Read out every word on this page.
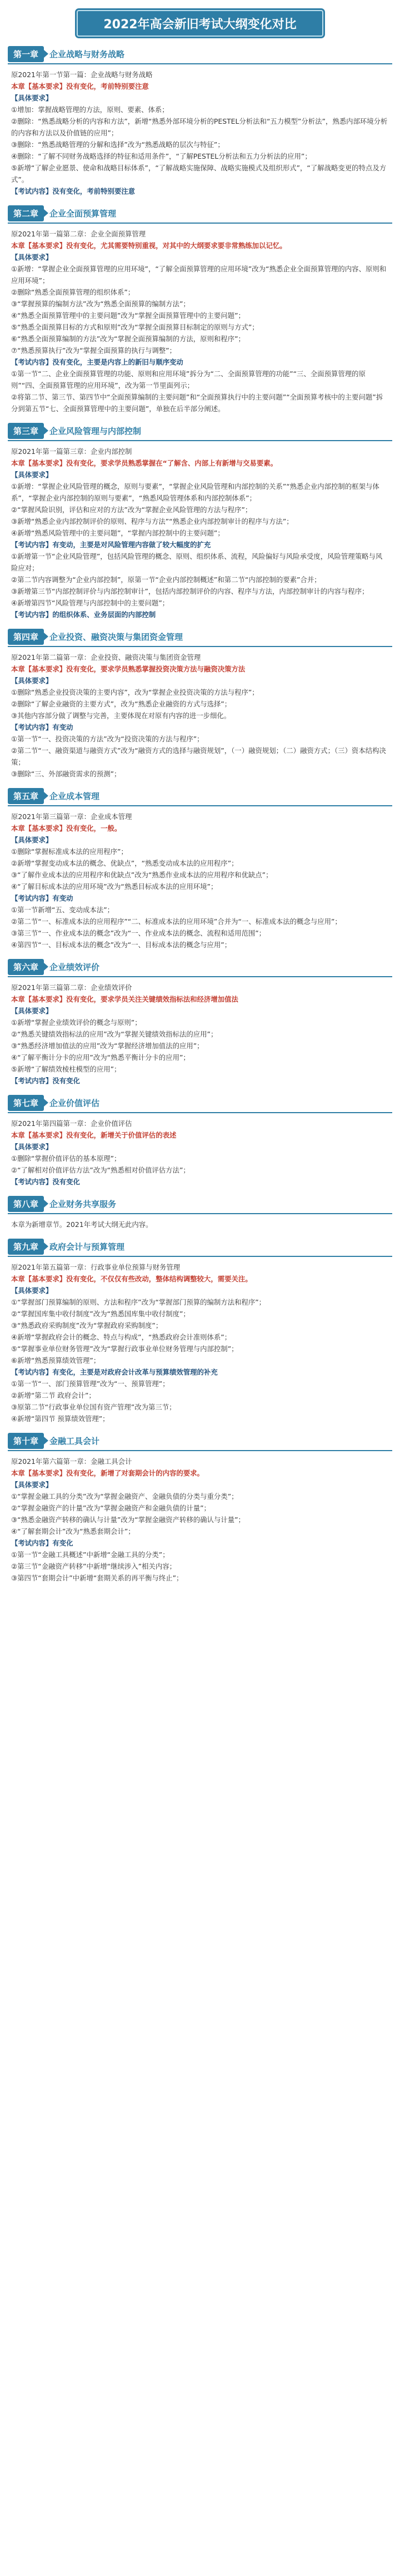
2022年高会新旧考试大纲变化对比
第一章	企业战略与财务战略

原2021年第一节第一篇：企业战略与财务战略

本章【基本要求】没有变化，考前特别要注意

【具体要求】

①增加：掌握战略管理的方法，原则、要素、体系；

②删除：“熟悉战略分析的内容和方法”，新增“熟悉外部环境分析的PESTEL分析法和“五力模型”分析法”，熟悉内部环境分析的内容和方法以及价值链的应用”；

③删除：“熟悉战略管理的分解和选择”改为“熟悉战略的层次与特征”；

④删除：“了解不同财务战略选择的特征和适用条件”，“了解PESTEL分析法和五力分析法的应用”；

⑤新增“了解企业愿景、使命和战略目标体系”，“了解战略实施保障、战略实施模式及组织形式”，“了解战略变更的特点及方式”。

【考试内容】没有变化，考前特别要注意

第二章	企业全面预算管理

原2021年第一篇第二章：企业全面预算管理

本章【基本要求】没有变化，尤其需要特别重视，对其中的大纲要求要非常熟练加以记忆。

【具体要求】

①新增：“掌握企业全面预算管理的应用环境”，“了解全面预算管理的应用环境”改为“熟悉企业全面预算管理的内容、原则和应用环境”；

②删除“熟悉全面预算管理的组织体系”；

③“掌握预算的编制方法”改为“熟悉全面预算的编制方法”；

④“熟悉全面预算管理中的主要问题”改为“掌握全面预算管理中的主要问题”；

⑤“熟悉全面预算目标的方式和原则”改为“掌握全面预算目标制定的原则与方式”；

⑥“熟悉全面预算编制的方法”改为“掌握全面预算编制的方法，原则和程序”；

⑦“熟悉预算执行”改为“掌握全面预算的执行与调整”；

【考试内容】没有变化，主要是内容上的新旧与顺序变动

①第一节“二、企业全面预算管理的功能、原则和应用环境”拆分为“二、全面预算管理的功能”“三、全面预算管理的原则”“四、全面预算管理的应用环境”，改为第一节里面列示；

②将第二节、第三节、第四节中“全面预算编制的主要问题”和“全面预算执行中的主要问题”“全面预算考核中的主要问题”拆分到第五节“七、全面预算管理中的主要问题”，单独在后半部分阐述。

第三章	企业风险管理与内部控制

原2021年第一篇第三章：企业内部控制

本章【基本要求】没有变化，要求学员熟悉掌握在“了解含、内部上有新增与交易要素。

【具体要求】

①新增：“掌握企业风险管理的概念，原则与要素”，“掌握企业风险管理和内部控制的关系”“熟悉企业内部控制的框架与体系”，“掌握企业内部控制的原则与要素”，“熟悉风险管理体系和内部控制体系”；

②“掌握风险识别，评估和应对的方法”改为“掌握企业风险管理的方法与程序”；

③新增“熟悉企业内部控制评价的原则、程序与方法”“熟悉企业内部控制审计的程序与方法”；

④新增“熟悉风险管理中的主要问题”，“掌握内部控制中的主要问题”；

【考试内容】有变动，主要是对风险管理内容做了较大幅度的扩充

①新增第一节“企业风险管理”，包括风险管理的概念、原则、组织体系、流程，风险偏好与风险承受度，风险管理策略与风险应对；

②第二节内容调整为“企业内部控制”，原第一节“企业内部控制概述”和第二节“内部控制的要素”合并；

③新增第三节“内部控制评价与内部控制审计”，包括内部控制评价的内容、程序与方法，内部控制审计的内容与程序；

④新增第四节“风险管理与内部控制中的主要问题”；

【考试内容】的组织体系、业务层面的内部控制

第四章	企业投资、融资决策与集团资金管理

原2021年第二篇第一章：企业投资、融资决策与集团资金管理

本章【基本要求】没有变化，要求学员熟悉掌握投资决策方法与融资决策方法

【具体要求】

①删除“熟悉企业投资决策的主要内容”，改为“掌握企业投资决策的方法与程序”；

②删除“了解企业融资的主要方式”，改为“熟悉企业融资的方式与选择”；

③其他内容部分做了调整与完善，主要体现在对原有内容的进一步细化。

【考试内容】有变动

①第一节“一、投资决策的方法”改为“投资决策的方法与程序”；

②第二节“一、融资渠道与融资方式”改为“融资方式的选择与融资规划”，（一）融资规划；（二）融资方式；（三）资本结构决策；

③删除“三、外部融资需求的预测”；

第五章	企业成本管理

原2021年第三篇第一章：企业成本管理

本章【基本要求】没有变化，一般。

【具体要求】

①删除“掌握标准成本法的应用程序”；

②新增“掌握变动成本法的概念、优缺点”，“熟悉变动成本法的应用程序”；

③“了解作业成本法的应用程序和优缺点”改为“熟悉作业成本法的应用程序和优缺点”；

④“了解目标成本法的应用环境”改为“熟悉目标成本法的应用环境”；

【考试内容】有变动

①第一节新增“五、变动成本法”；

②第二节“一、标准成本法的应用程序”“二、标准成本法的应用环境”合并为“一、标准成本法的概念与应用”；

③第三节“一、作业成本法的概念”改为“一、作业成本法的概念、流程和适用范围”；

④第四节“一、目标成本法的概念”改为“一、目标成本法的概念与应用”；

第六章	企业绩效评价

原2021年第三篇第二章：企业绩效评价

本章【基本要求】没有变化，要求学员关注关键绩效指标法和经济增加值法

【具体要求】

①新增“掌握企业绩效评价的概念与原则”；

②“熟悉关键绩效指标法的应用”改为“掌握关键绩效指标法的应用”；

③“熟悉经济增加值法的应用”改为“掌握经济增加值法的应用”；

④“了解平衡计分卡的应用”改为“熟悉平衡计分卡的应用”；

⑤新增“了解绩效棱柱模型的应用”；

【考试内容】没有变化

第七章	企业价值评估

原2021年第四篇第一章：企业价值评估

本章【基本要求】没有变化，新增关于价值评估的表述

【具体要求】

①删除“掌握价值评估的基本原理”；

②“了解相对价值评估方法”改为“熟悉相对价值评估方法”；

【考试内容】没有变化

第八章	企业财务共享服务

本章为新增章节。2021年考试大纲无此内容。

第九章	政府会计与预算管理

原2021年第五篇第一章：行政事业单位预算与财务管理

本章【基本要求】没有变化，不仅仅有些改动，整体结构调整较大，需要关注。

【具体要求】

①“掌握部门预算编制的原则、方法和程序”改为“掌握部门预算的编制方法和程序”；

②“掌握国库集中收付制度”改为“熟悉国库集中收付制度”；

③“熟悉政府采购制度”改为“掌握政府采购制度”；

④新增“掌握政府会计的概念、特点与构成”，“熟悉政府会计准则体系”；

⑤“掌握事业单位财务管理”改为“掌握行政事业单位财务管理与内部控制”；

⑥新增“熟悉预算绩效管理”；

【考试内容】有变化，主要是对政府会计改革与预算绩效管理的补充

①第一节“一、部门预算管理”改为“一、预算管理”；

②新增“第二节 政府会计”；

③原第二节“行政事业单位国有资产管理”改为第三节；

④新增“第四节 预算绩效管理”；

第十章	金融工具会计

原2021年第六篇第一章：金融工具会计

本章【基本要求】没有变化，新增了对套期会计的内容的要求。

【具体要求】

①“掌握金融工具的分类”改为“掌握金融资产、金融负债的分类与重分类”；

②“掌握金融资产的计量”改为“掌握金融资产和金融负债的计量”；

③“熟悉金融资产转移的确认与计量”改为“掌握金融资产转移的确认与计量”；

④“了解套期会计”改为“熟悉套期会计”；

【考试内容】有变化

①第一节“金融工具概述”中新增“金融工具的分类”；

②第三节“金融资产转移”中新增“继续涉入”相关内容；

③第四节“套期会计”中新增“套期关系的再平衡与终止”；
